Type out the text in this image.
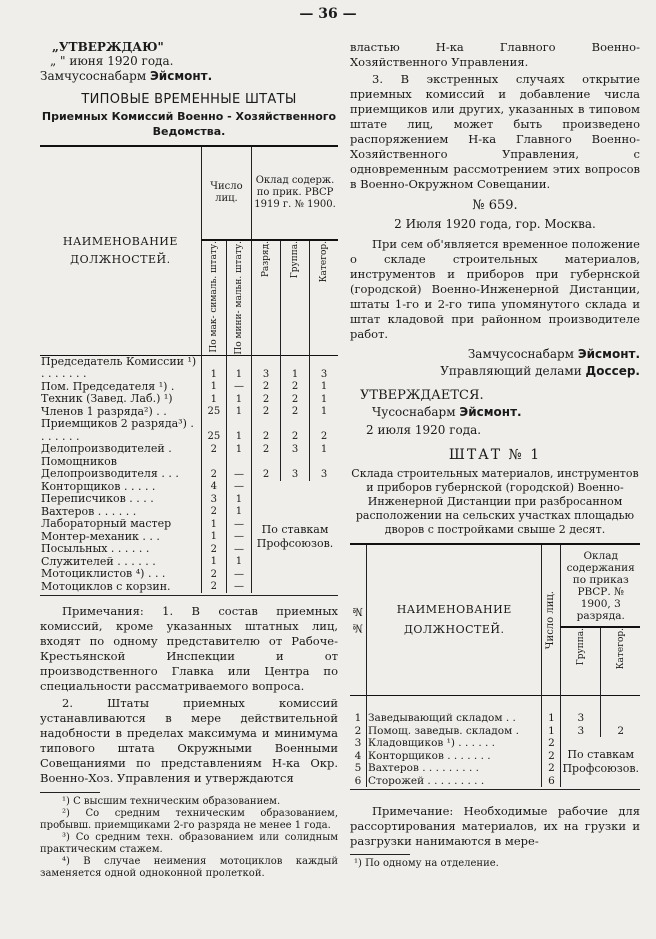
— 36 —
„УТВЕРЖДАЮ"
„ " июня 1920 года.
Замчусоснабарм Эйсмонт.
ТИПОВЫЕ ВРЕМЕННЫЕ ШТАТЫ
Приемных Комиссий Военно - Хозяйственного Ведомства.
НАИМЕНОВАНИЕ ДОЛЖНОСТЕЙ.	Число лиц.		Оклад содерж. по прик. РВСР 1919 г. № 1900.		

	По мак- сималь. штату.	По мини- мальн. штату.	Разряд.	Группа.	Категор.

Председатель Комиссии ¹) . . . . . . .	1	1	3	1	3
Пом. Председателя ¹) .	1	—	2	2	1
Техник (Завед. Лаб.) ¹)	1	1	2	2	1
Членов 1 разряда²) . .	25	1	2	2	1
Приемщиков 2 разряда³) . . . . . . .	25	1	2	2	2
Делопроизводителей .	2	1	2	3	1
Помощников Делопроизводителя . . .	2	—	2	3	3
Конторщиков . . . . .	4	—	По ставкам Профсоюзов.		
Переписчиков . . . .	3	1			
Вахтеров . . . . . .	2	1			
Лабораторный мастер	1	—			
Монтер-механик . . .	1	—			
Посыльных . . . . . .	2	—			
Служителей . . . . . .	1	1			
Мотоциклистов ⁴) . . .	2	—			
Мотоциклов с корзин.	2	—			
Примечания: 1. В состав приемных комиссий, кроме указанных штатных лиц, входят по одному представителю от Рабоче-Крестьянской Инспекции и от производственного Главка или Центра по специальности рассматриваемого вопроса.
2. Штаты приемных комиссий устанавливаются в мере действительной надобности в пределах максимума и минимума типового штата Окружными Военными Совещаниями по представлениям Н-ка Окр. Военно-Хоз. Управления и утверждаются
¹) С высшим техническим образованием.
²) Со средним техническим образованием, пробывш. приемщиками 2-го разряда не менее 1 года.
³) Со средним техн. образованием или солидным практическим стажем.
⁴) В случае неимения мотоциклов каждый заменяется одной одноконной пролеткой.
властью Н-ка Главного Военно-Хозяйственного Управления.
3. В экстренных случаях открытие приемных комиссий и добавление числа приемщиков или других, указанных в типовом штате лиц, может быть произведено распоряжением Н-ка Главного Военно-Хозяйственного Управления, с одновременным рассмотрением этих вопросов в Военно-Окружном Совещании.
№ 659.
2 Июля 1920 года, гор. Москва.
При сем об'является временное положение о складе строительных материалов, инструментов и приборов при губернской (городской) Военно-Инженерной Дистанции, штаты 1-го и 2-го типа упомянутого склада и штат кладовой при районном производителе работ.
Замчусоснабарм Эйсмонт.
Управляющий делами Доссер.
УТВЕРЖДАЕТСЯ.
Чусоснабарм Эйсмонт.
2 июля 1920 года.
ШТАТ № 1
Склада строительных материалов, инструментов и приборов губернской (городской) Военно-Инженерной Дистанции при разбросанном расположении на сельских участках площадью дворов с постройками свыше 2 десят.
№ №	НАИМЕНОВАНИЕ ДОЛЖНОСТЕЙ.	Число лиц.	Оклад содержания по приказ РВСР. № 1900, 3 разряда.	

			Группа.	Категор.

1	Заведывающий складом . .	1	3	
2	Помощ. заведыв. складом .	1	3	2
3	Кладовщиков ¹) . . . . . .	2	По ставкам Профсоюзов.	
4	Конторщиков . . . . . . .	2		
5	Вахтеров . . . . . . . . .	2		
6	Сторожей . . . . . . . . .	6		
Примечание: Необходимые рабочие для рассортирования материалов, их на грузки и разгрузки нанимаются в мере-
¹) По одному на отделение.
